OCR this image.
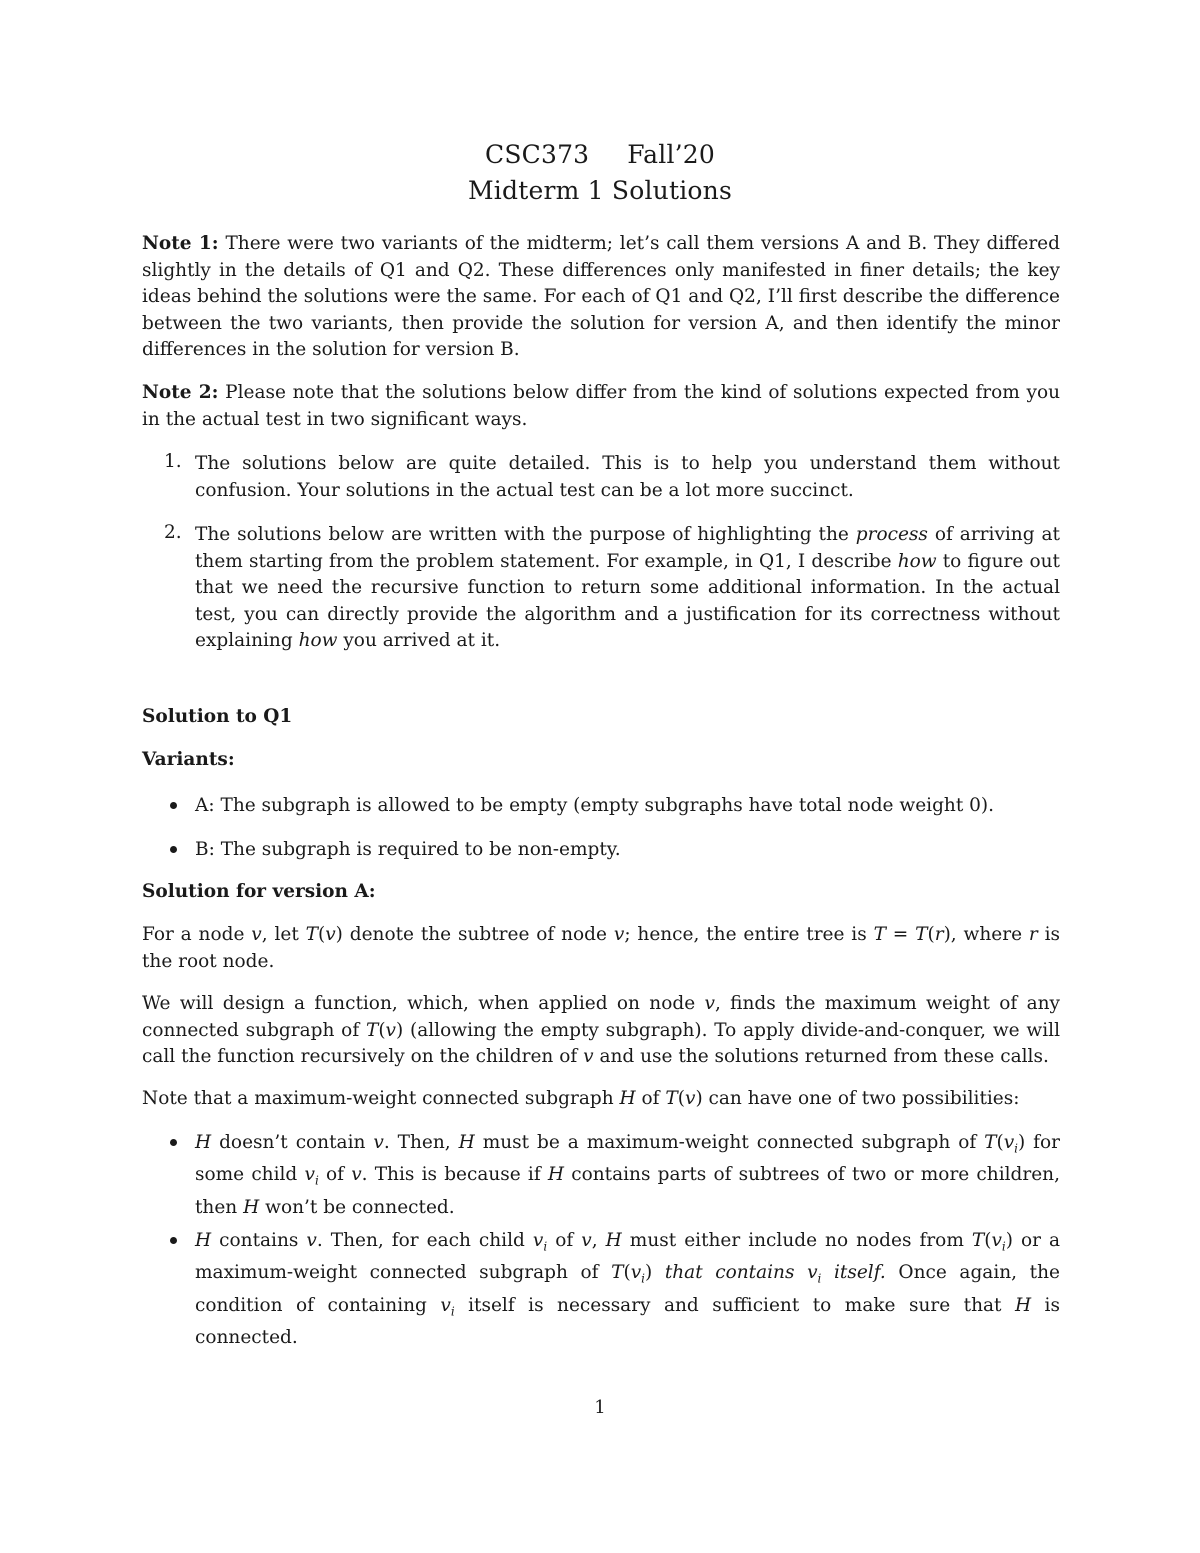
CSC373 Fall’20
Midterm 1 Solutions
Note 1: There were two variants of the midterm; let’s call them versions A and B. They differed slightly in the details of Q1 and Q2. These differences only manifested in finer details; the key ideas behind the solutions were the same. For each of Q1 and Q2, I’ll first describe the difference between the two variants, then provide the solution for version A, and then identify the minor differences in the solution for version B.
Note 2: Please note that the solutions below differ from the kind of solutions expected from you in the actual test in two significant ways.
1. The solutions below are quite detailed. This is to help you understand them without confusion. Your solutions in the actual test can be a lot more succinct.
2. The solutions below are written with the purpose of highlighting the process of arriving at them starting from the problem statement. For example, in Q1, I describe how to figure out that we need the recursive function to return some additional information. In the actual test, you can directly provide the algorithm and a justification for its correctness without explaining how you arrived at it.
Solution to Q1
Variants:
A: The subgraph is allowed to be empty (empty subgraphs have total node weight 0).
B: The subgraph is required to be non-empty.
Solution for version A:
For a node v, let T(v) denote the subtree of node v; hence, the entire tree is T = T(r), where r is the root node.
We will design a function, which, when applied on node v, finds the maximum weight of any connected subgraph of T(v) (allowing the empty subgraph). To apply divide-and-conquer, we will call the function recursively on the children of v and use the solutions returned from these calls.
Note that a maximum-weight connected subgraph H of T(v) can have one of two possibilities:
H doesn’t contain v. Then, H must be a maximum-weight connected subgraph of $T(v_i)$ for some child $v_i$ of v. This is because if H contains parts of subtrees of two or more children, then H won’t be connected.
H contains v. Then, for each child $v_i$ of v, H must either include no nodes from $T(v_i)$ or a maximum-weight connected subgraph of $T(v_i)$ that contains $v_i$ itself. Once again, the condition of containing $v_i$ itself is necessary and sufficient to make sure that H is connected.
1
